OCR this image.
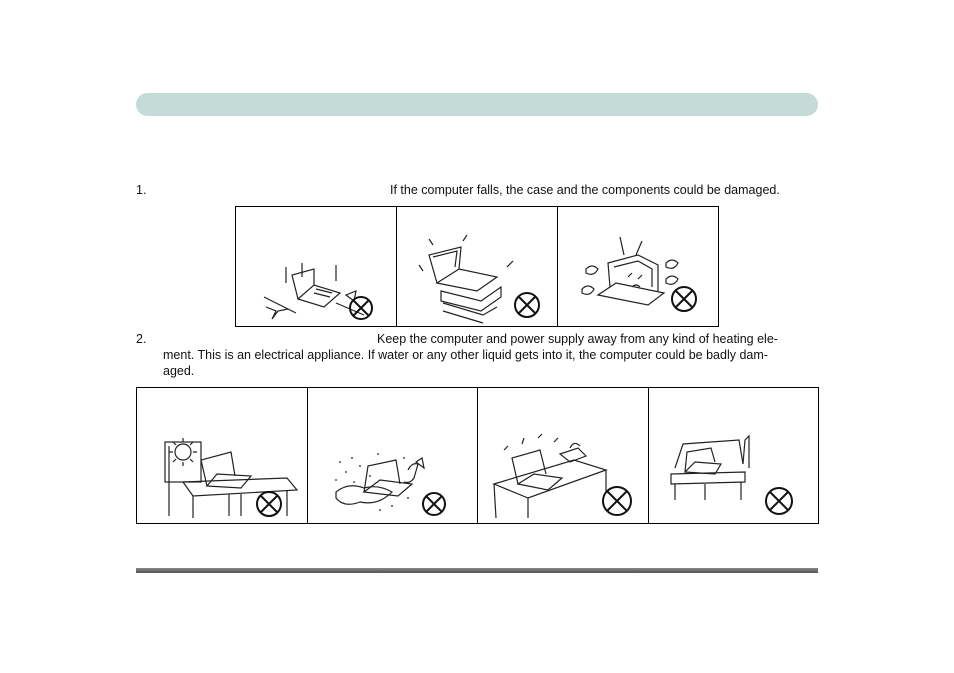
1.	If the computer falls, the case and the components could be damaged.
2.	Keep the computer and power supply away from any kind of heating ele-
ment. This is an electrical appliance. If water or any other liquid gets into it, the computer could be badly dam-
aged.
